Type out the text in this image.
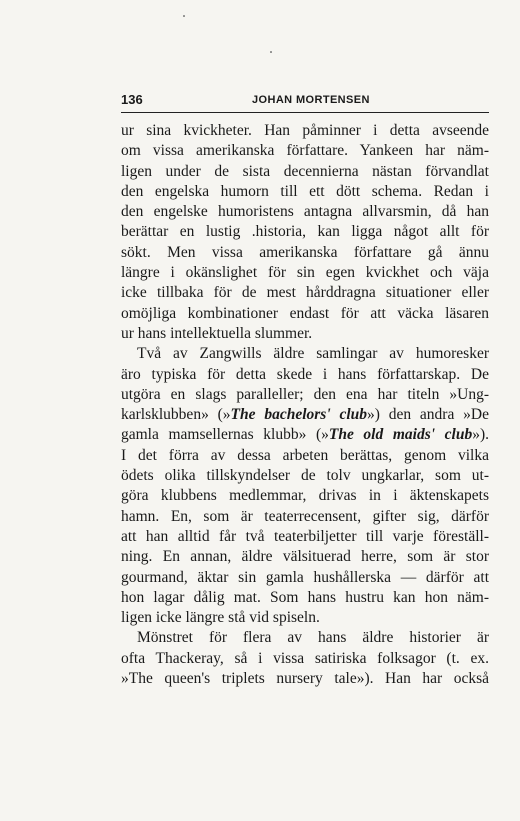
136	JOHAN MORTENSEN
ur sina kvickheter. Han påminner i detta avseende
om vissa amerikanska författare. Yankeen har näm-
ligen under de sista decennierna nästan förvandlat
den engelska humorn till ett dött schema. Redan i
den engelske humoristens antagna allvarsmin, då han
berättar en lustig .historia, kan ligga något allt för
sökt. Men vissa amerikanska författare gå ännu
längre i okänslighet för sin egen kvickhet och väja
icke tillbaka för de mest hårddragna situationer eller
omöjliga kombinationer endast för att väcka läsaren
ur hans intellektuella slummer.
Två av Zangwills äldre samlingar av humoresker
äro typiska för detta skede i hans författarskap. De
utgöra en slags paralleller; den ena har titeln »Ung-
karlsklubben» (»The bachelors' club») den andra »De
gamla mamsellernas klubb» (»The old maids' club»).
I det förra av dessa arbeten berättas, genom vilka
ödets olika tillskyndelser de tolv ungkarlar, som ut-
göra klubbens medlemmar, drivas in i äktenskapets
hamn. En, som är teaterrecensent, gifter sig, därför
att han alltid får två teaterbiljetter till varje föreställ-
ning. En annan, äldre välsituerad herre, som är stor
gourmand, äktar sin gamla hushållerska — därför att
hon lagar dålig mat. Som hans hustru kan hon näm-
ligen icke längre stå vid spiseln.
Mönstret för flera av hans äldre historier är
ofta Thackeray, så i vissa satiriska folksagor (t. ex.
»The queen's triplets nursery tale»). Han har också
